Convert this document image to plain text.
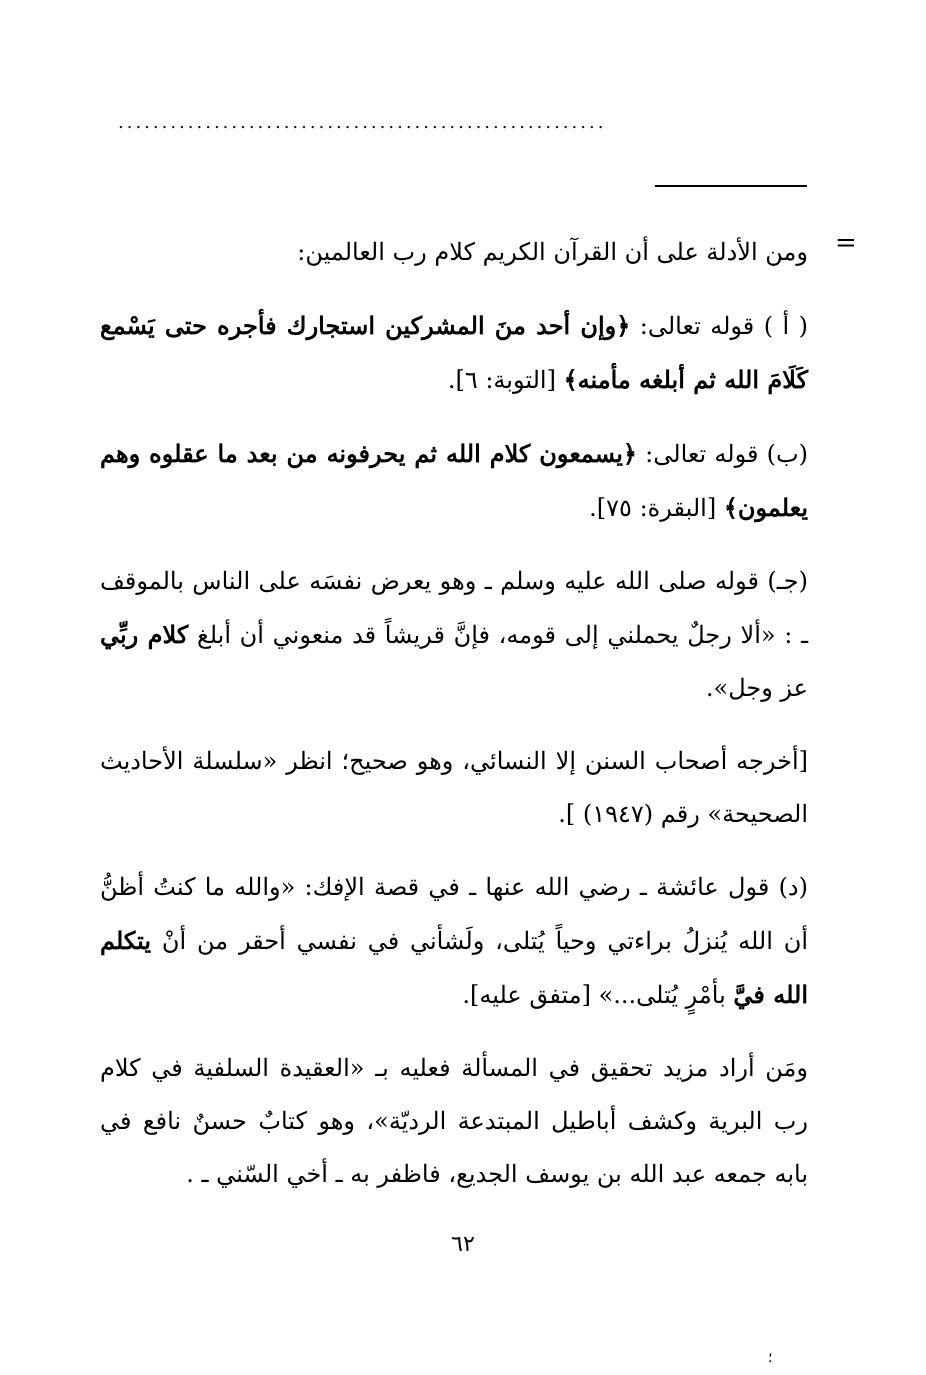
........................................................
=

ومن الأدلة على أن القرآن الكريم كلام رب العالمين:

( أ ) قوله تعالى: ﴿وإن أحد منَ المشركين استجارك فأجره حتى يَسْمع كَلَامَ الله ثم أبلغه مأمنه﴾ [التوبة: ٦].

(ب) قوله تعالى: ﴿يسمعون كلام الله ثم يحرفونه من بعد ما عقلوه وهم يعلمون﴾ [البقرة: ٧٥].

(جـ) قوله صلى الله عليه وسلم ـ وهو يعرض نفسَه على الناس بالموقف ـ : «ألا رجلٌ يحملني إلى قومه، فإنَّ قريشاً قد منعوني أن أبلغ كلام ربِّي عز وجل».

[أخرجه أصحاب السنن إلا النسائي، وهو صحيح؛ انظر «سلسلة الأحاديث الصحيحة» رقم (١٩٤٧) ].

(د) قول عائشة ـ رضي الله عنها ـ في قصة الإفك: «والله ما كنتُ أظنُّ أن الله يُنزلُ براءتي وحياً يُتلى، ولَشأني في نفسي أحقر من أنْ يتكلم الله فيَّ بأمْرٍ يُتلى...» [متفق عليه].

ومَن أراد مزيد تحقيق في المسألة فعليه بـ «العقيدة السلفية في كلام رب البرية وكشف أباطيل المبتدعة الرديّة»، وهو كتابٌ حسنٌ نافع في بابه جمعه عبد الله بن يوسف الجديع، فاظفر به ـ أخي السّني ـ .

٦٢
؛
